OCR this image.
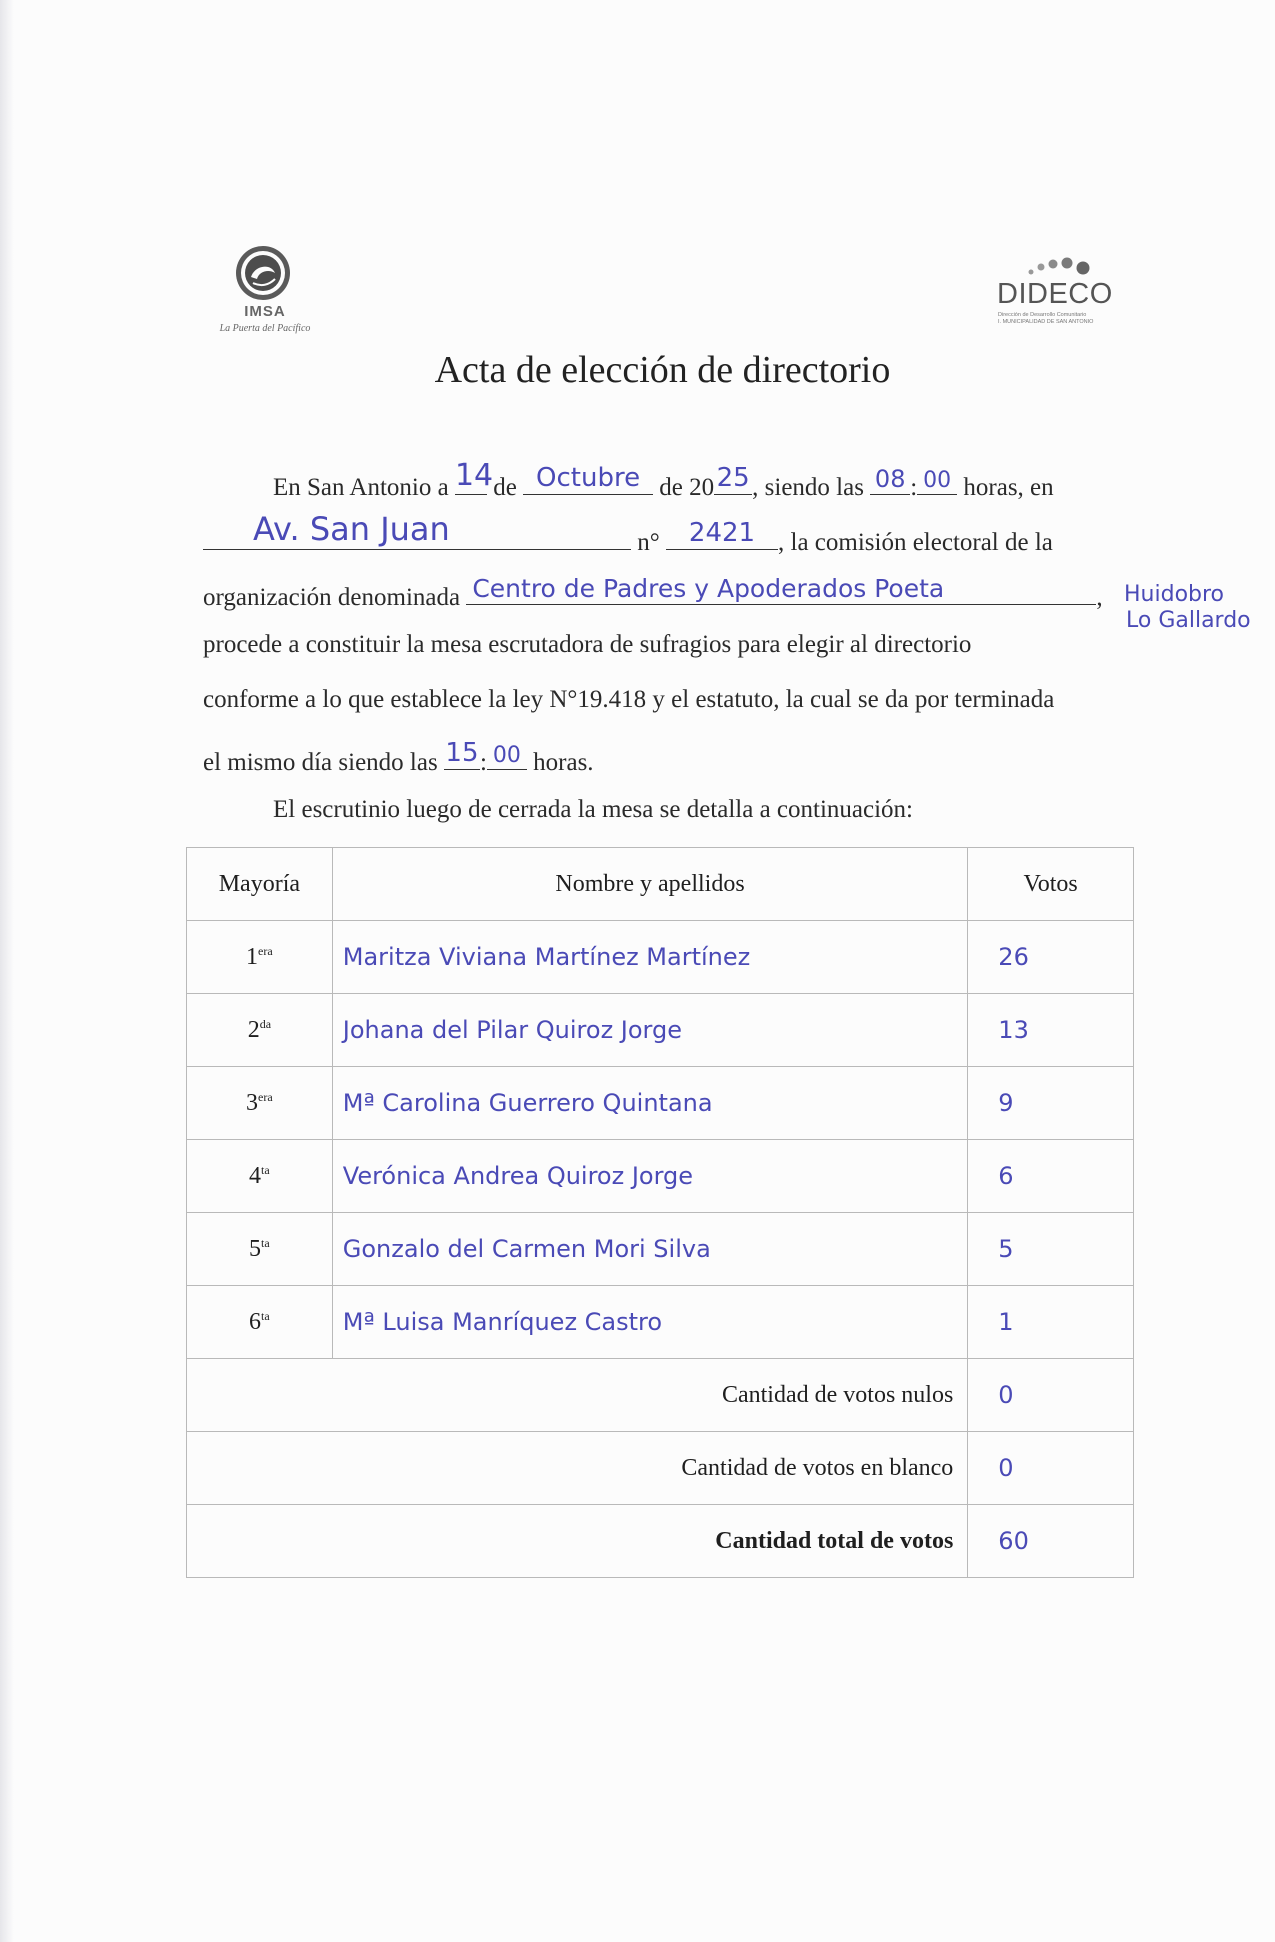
IMSA
La Puerta del Pacífico
DIDECO
Dirección de Desarrollo Comunitario
I. MUNICIPALIDAD DE SAN ANTONIO
Acta de elección de directorio
En San Antonio a 14 de Octubre de 20 25 , siendo las 08 : 00 horas, en
Av. San Juan	n°	2421 , la comisión electoral de la
organización denominada Centro de Padres y Apoderados Poeta	, Huidobro
Lo Gallardo
procede a constituir la mesa escrutadora de sufragios para elegir al directorio
conforme a lo que establece la ley N°19.418 y el estatuto, la cual se da por terminada
el mismo día siendo las 15 : 00 horas.
El escrutinio luego de cerrada la mesa se detalla a continuación:
Mayoría	Nombre y apellidos	Votos
$1^{era}$	Maritza Viviana Martínez Martínez	26
$2^{da}$	Johana del Pilar Quiroz Jorge	13
$3^{era}$	Mª Carolina Guerrero Quintana	9
$4^{ta}$	Verónica Andrea Quiroz Jorge	6
$5^{ta}$	Gonzalo del Carmen Mori Silva	5
$6^{ta}$	Mª Luisa Manríquez Castro	1
Cantidad de votos nulos		0
Cantidad de votos en blanco		0
Cantidad total de votos		60
